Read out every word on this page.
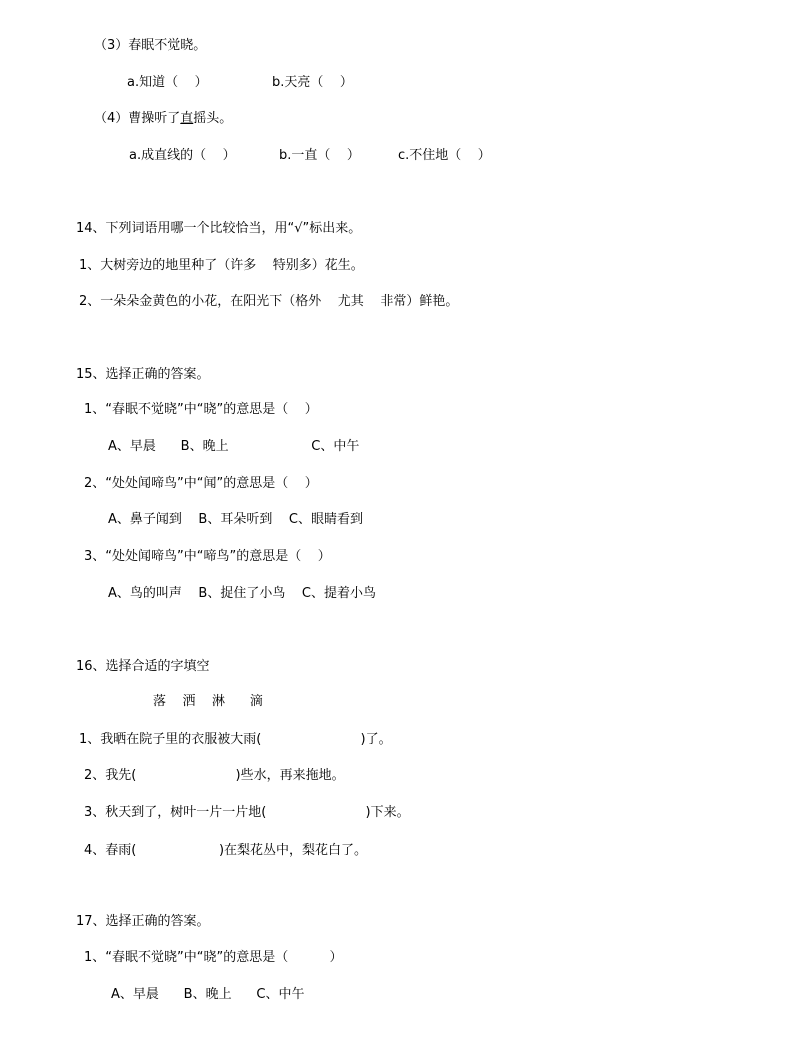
（3）春眠不觉晓。
a.知道（    ）	b.天亮（    ）
（4）曹操听了直摇头。
a.成直线的（    ）	b.一直（    ）	c.不住地（    ）
14、下列词语用哪一个比较恰当，用“√”标出来。
1、大树旁边的地里种了（许多    特别多）花生。
2、一朵朵金黄色的小花，在阳光下（格外    尤其    非常）鲜艳。
15、选择正确的答案。
1、“春眠不觉晓”中“晓”的意思是（    ）
A、早晨      B、晚上                    C、中午
2、“处处闻啼鸟”中“闻”的意思是（    ）
A、鼻子闻到    B、耳朵听到    C、眼睛看到
3、“处处闻啼鸟”中“啼鸟”的意思是（    ）
A、鸟的叫声    B、捉住了小鸟    C、提着小鸟
16、选择合适的字填空
落    洒    淋      滴
1、我晒在院子里的衣服被大雨(                        )了。
2、我先(                        )些水，再来拖地。
3、秋天到了，树叶一片一片地(                        )下来。
4、春雨(                    )在梨花丛中，梨花白了。
17、选择正确的答案。
1、“春眠不觉晓”中“晓”的意思是（          ）
A、早晨      B、晚上      C、中午
